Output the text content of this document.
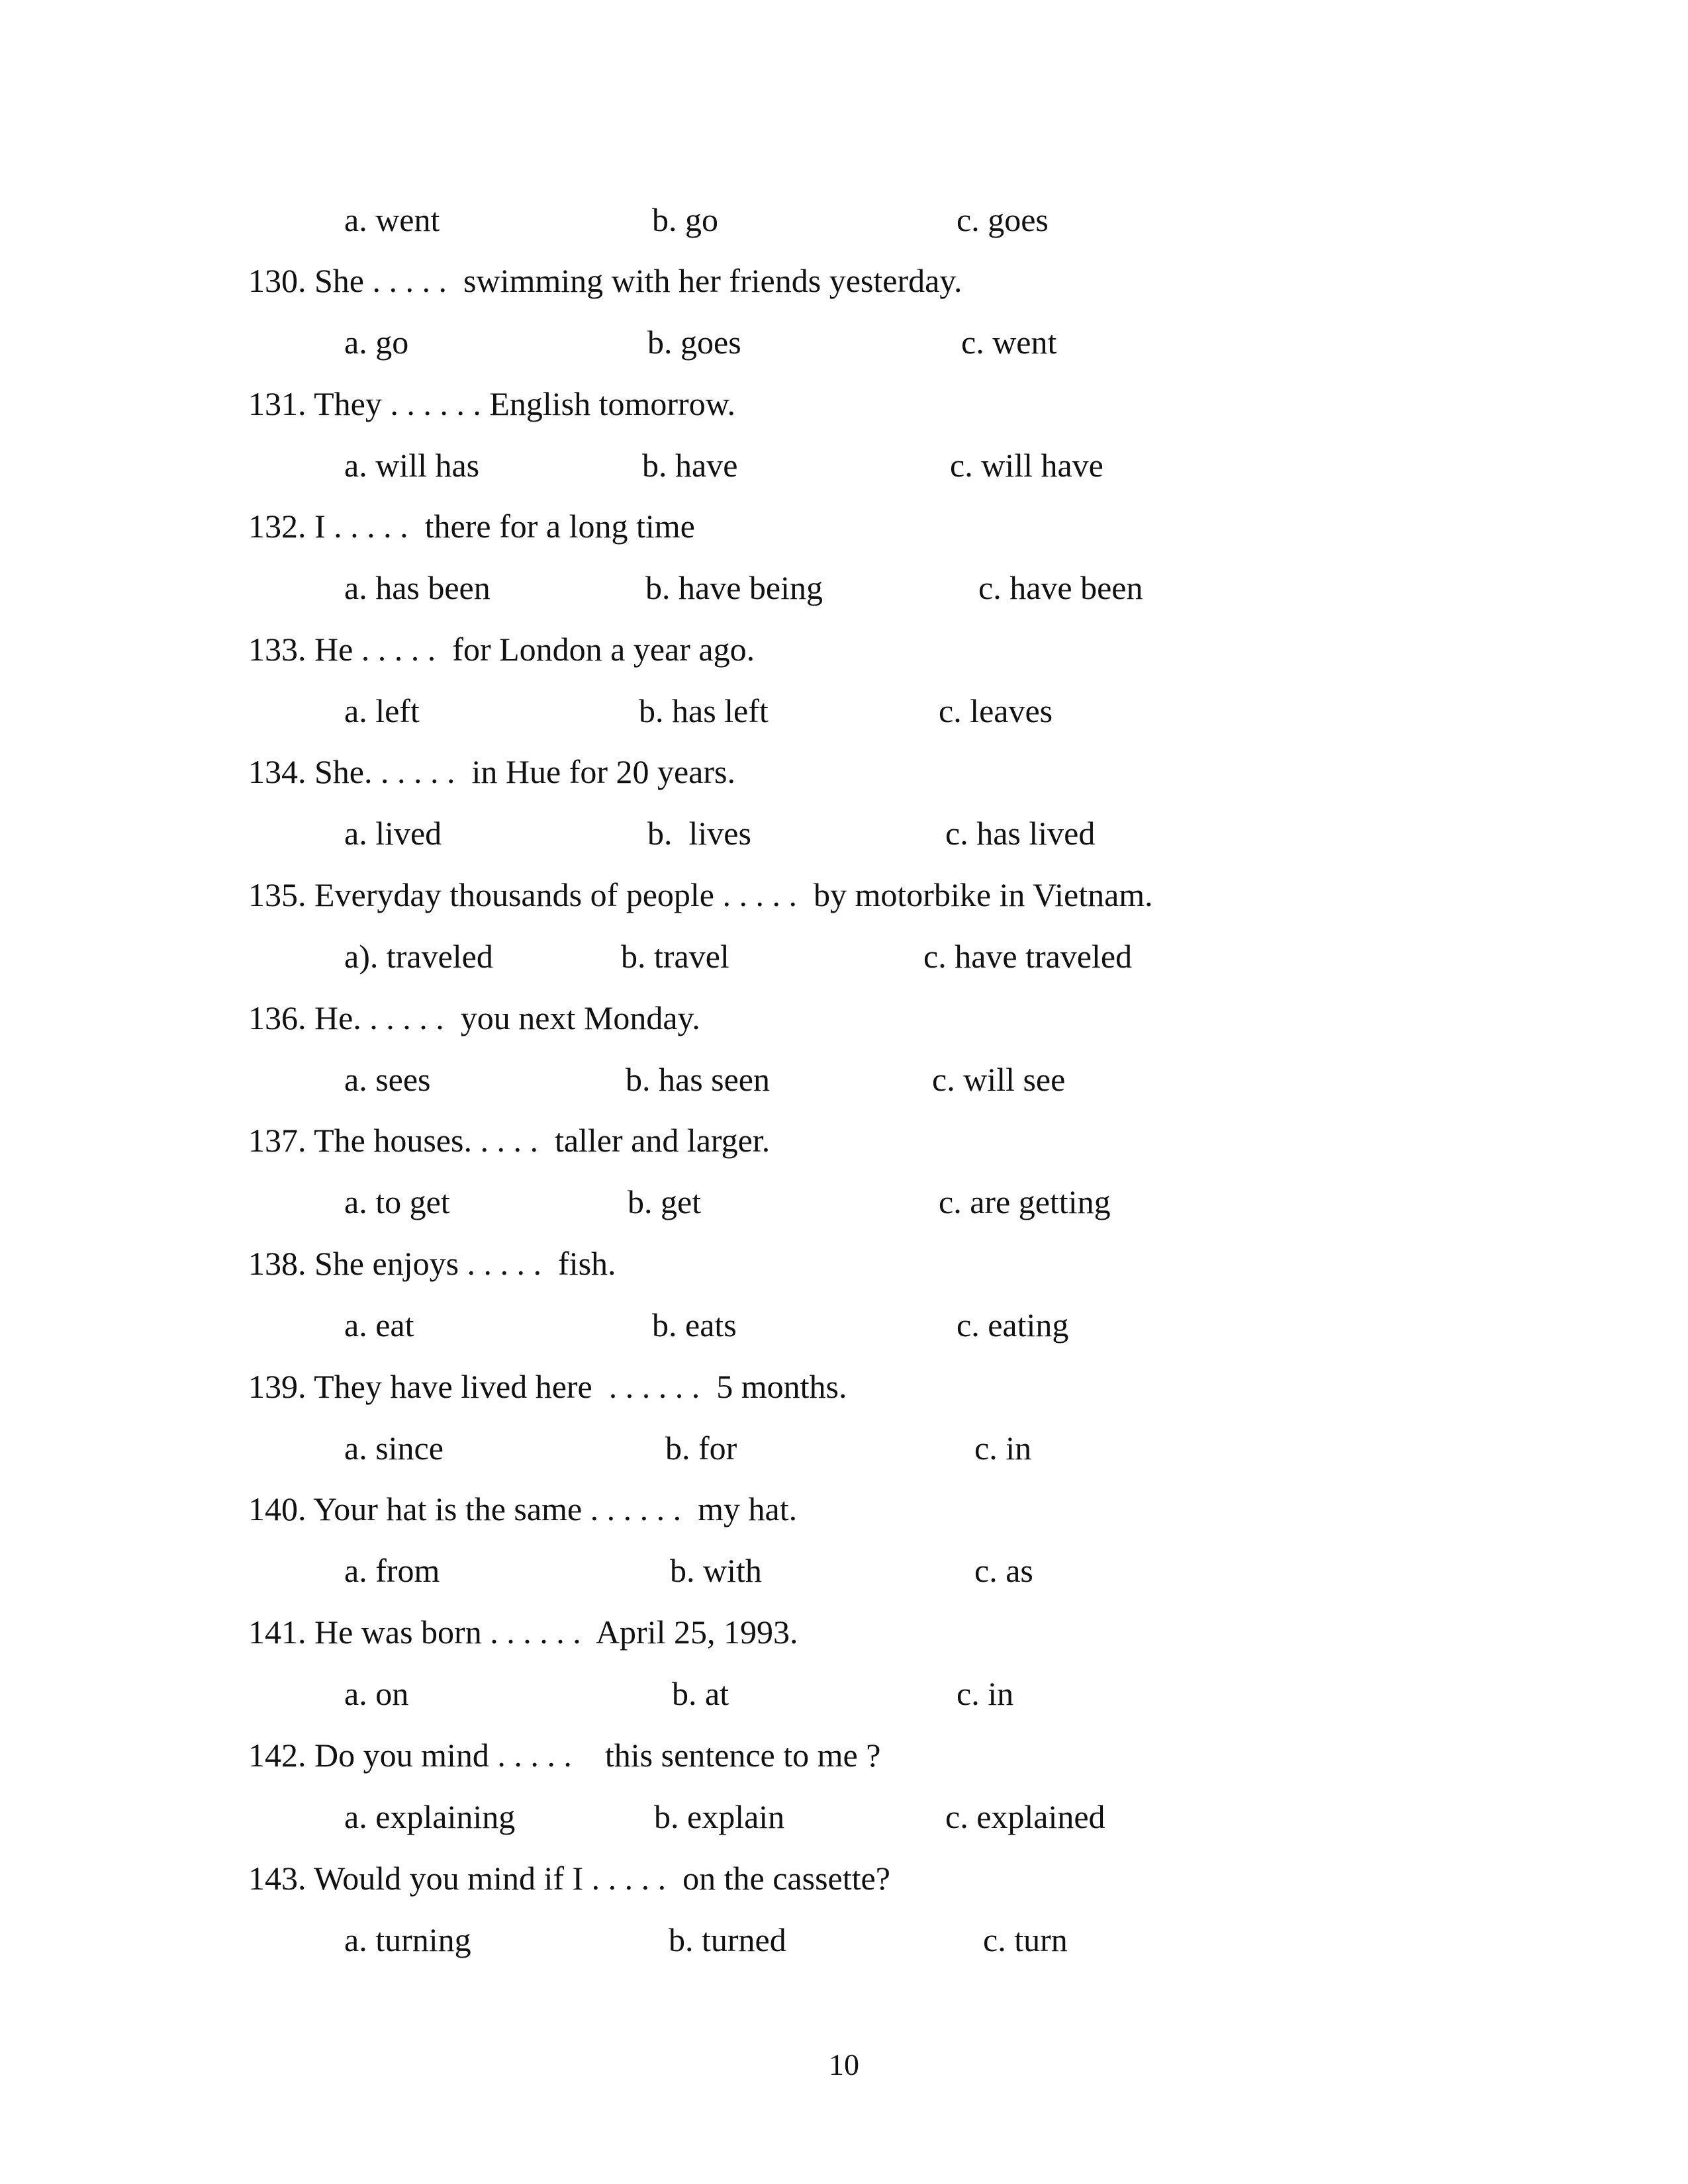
a. went	b. go	c. goes
130. She . . . . .  swimming with her friends yesterday.
a. go	b. goes	c. went
131. They . . . . . . English tomorrow.
a. will has	b. have	c. will have
132. I . . . . .  there for a long time
a. has been	b. have being	c. have been
133. He . . . . .  for London a year ago.
a. left	b. has left	c. leaves
134. She. . . . . .  in Hue for 20 years.
a. lived	b.  lives	c. has lived
135. Everyday thousands of people . . . . .  by motorbike in Vietnam.
a). traveled	b. travel	c. have traveled
136. He. . . . . .  you next Monday.
a. sees	b. has seen	c. will see
137. The houses. . . . .  taller and larger.
a. to get	b. get	c. are getting
138. She enjoys . . . . .  fish.
a. eat	b. eats	c. eating
139. They have lived here  . . . . . .  5 months.
a. since	b. for	c. in
140. Your hat is the same . . . . . .  my hat.
a. from	b. with	c. as
141. He was born . . . . . .  April 25, 1993.
a. on	b. at	c. in
142. Do you mind . . . . .    this sentence to me ?
a. explaining	b. explain	c. explained
143. Would you mind if I . . . . .  on the cassette?
a. turning	b. turned	c. turn
10
